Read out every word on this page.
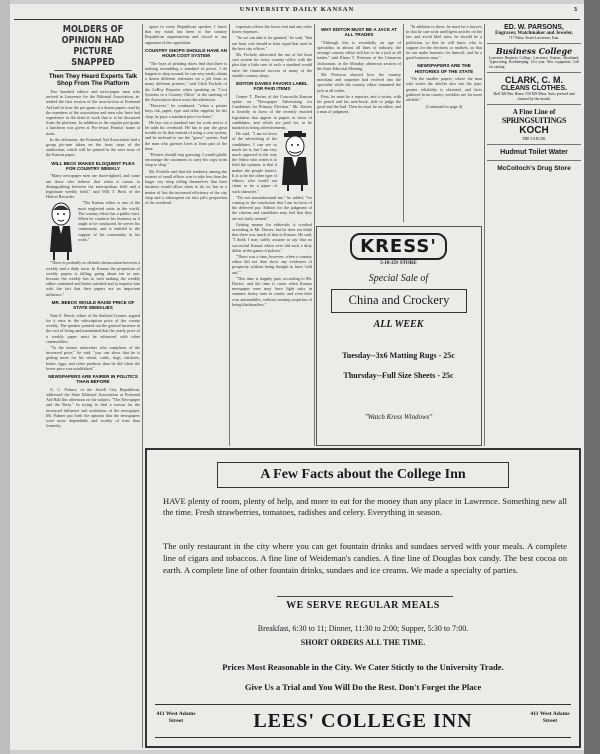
UNIVERSITY DAILY KANSAN	3
MOLDERS OF OPINION HAD PICTURE SNAPPED
Then They Heard Experts Talk Shop From The Platform

Two hundred editors and news-paper men who arrived in Lawrence for the Editorial Association, at-tended the first session of the associa-tion at Fraternal Aid hall to hear the pro-gram of a dozen papers read by the members of the association and men who have had experience in the kind of work that is to be discussed from the platform. In addition to the regular pro-gram, a luncheon was given at Pro-fessor Pontius' home at noon.

In the afternoon, the Fraternal Aid Association had a group pic-ture taken on the front steps of the auditorium, which will be printed in the next issue of the Kansas paper.

WILL BECK MAKES ELOQUENT PLEA FOR COUNTRY WEEKLY

"Many newspaper men are short-sighted, and some are those who believe that when it comes to distinguishing between the metropolitan field and a legitimate weekly field," said Will T. Beck of the Holton Recorder.

"The Kansas editor is one of the most neglected units in the world. The country editor has a public trust. When he conducts his business as it ought to be conducted, he serves his community, and is entitled to the support of his community in his work."

"There is probably no definite demarcation between a weekly and a daily town. In Kansas the proportion of weekly papers is falling, going about ten to one, because the weekly has to with making the weekly editor contented and better satisfied and to impress him with the fact that their papers are an important influence."

MR. BEECK WOULD RAISE PRICE OF STATE WEEKLIES

Nate E. Beeck, editor of the Stafford Courier, argued for a raise in the subscription price of the county weekly. The speaker pointed out the general increase in the cost of living and maintained that the yearly price of a weekly paper must be advanced with other commodities.

"To the farmer subscriber who complains of the increased price," he said, "you can show that he is getting more for his wheat, cattle, hogs, chickens, butter, eggs, and other products than he did when the lower price was established."

NEWSPAPERS ARE FAIRER IN POLITICS THAN BEFORE

G. C. Palmer, of the Jewell City Republican, addressed the State Editorial Association at Fraternal Aid Hall this afternoon on the subject, "The Newspaper and the Party." In trying to find a reason for the increased influence and usefulness of the newspaper, Mr. Palmer put forth the opinion that the newspapers were more dependable and worthy of trust than formerly.

space to every Republican speaker. I know that my mind has been to the country Republican organizations and closed to any argument of the opposition.

COUNTRY SHOPS SHOULD HAVE AN HOUR COST SYSTEM

"The boys of printing shoes find that there is nothing resembling a standard of prices. I do happen to shop around, he can very easily obtain a dozen different estimates on a job from as many different printers," said Glick Fockele of the LeRoy Reporter when speaking on "Cost Systems in a Country Office" at the meeting of the Association down town this afternoon.

"However," he continued, "when a printer buys ink, paper, type and other supplies for his shop, he pays a standard price for them."

He lays out a standard rate for work and to it he adds his overhead. He has to pay the great trouble to do that instead of using a cost system, and be inclined to use the "guess" system. And the man who guesses loses at least part of the time.

"Printers should stop guessing. I would gladly encourage the customers to carry his copy from shop to shop."

Mr. Fockele said that the tendency among the owners of small offices was to take less than the larger city shop telling themselves that their business would allow them to do so, but as a matter of fact the increased efficiency of the city shop and a subsequent cut into job's proportion of the overhead

expenses offsets the lower rent and any other lower expenses.

"So we can take it for granted," he said, "that our hour cost should at least equal that used in the best city offices."

Mr. Fockele advocated the use of the hour cost system for every country office with the plea that a little care of such a standard would raise the financial success of many of the smaller country shops.

EDITOR DAVIES FAVORS LABEL FOR PAID ITEMS

Gomer T. Davies of the Concordia Kansan spoke on "Newspaper Advertising for Candidates for Primary Election." Mr. Davies is heartily in favor of the recently enacted legislation that appear in papers in favor of candidates, and which are paid for, to be marked as being advertisements.

He said, "I am in favor of the advertising of the candidates; I can see so much for it, but I am very much opposed to the way the fellow who writes it to hold the opinion, is that it makes the people honest. It is to be the other type of editors, who would not claim to be a paper of such character."

"Do not misunderstand me," he added, "for coming to the conclusion that I am in favor of the deferred pay. Editors for the judgment of the citizens and candidates may feel that they are not fairly treated."

Getting money for editorials is crooked according to Mr. Davies, but he does not think that there was much of that in Kansas. He said, "I think I may safely assume to say that no successful Kansas editor ever did such a dirty dollar in the game of politics."

"There was a time, however, when a country editor did not dare show any evidences of prosperity without being thought to have 'sold out.'"

"This time is happily past, according to Mr. Davies, and the time is come when Kansas newspaper men may have light suits in summer, heavy ones in winter, and even their own automobiles, without creating suspicion of being blackmailers."

WHY EDITOR MUST BE A JACK AT ALL TRADES

"Although this is essentially an age of specialists in almost all lines of industry, the average country editor still has to be a jack at all trades," said Elmer T. Peterson of the Cimarron Jacksonian, at the Monday afternoon session of the State Editorial Meeting.

Mr. Peterson showed how the country merchant and carpenter had evolved into the specialist while the country editor remained the jack at all trades.

First, he must be a reporter, and a writer, with his pencil and his note-book, able to judge the good and the bad. Then he must be an editor, and a man of judgment.

"In addition to these, he must be a lawyer, in that he can write intelligent articles on the law and avoid libel suits; he should be a politician, so that he will know who to support for the elections or markets, so that he can make business for himself, and be a good business man."

NEWSPAPERS ARE THE HISTORIES OF THE STATE

"On the smaller papers, where the man who writes the articles also sets the type, greater reliability is obtained, and facts gathered from country weeklies are far more reliable."

(Continued to page 4)

ED. W. PARSONS,
Engraver, Watchmaker and Jeweler,
717 Mass. Street Lawrence, Kan.
Business College
Lawrence Business College, Lawrence, Kansas. Shorthand, Typewriting, Bookkeeping. 21st year. New equipment. Call for catalog.
CLARK, C. M.
CLEANS CLOTHES.
Bell 348 Rm, Home 150 829 Mass. Suits pressed and cleaned by the month.
A Fine Line of
SPRINGSUITINGS
KOCH
THE TAILOR.
Hudmut Toilet Water
McColloch's Drug Store
KRESS'
5-10-25¢ STORE
Special Sale of
China and Crockery
ALL WEEK
Tuesday--3x6 Matting Rugs - 25c
Thursday--Full Size Sheets - 25c
"Watch Kress Windows"
A Few Facts about the College Inn
HAVE plenty of room, plenty of help, and more to eat for the money than any place in Lawrence. Something new all the time. Fresh strawberries, tomatoes, radishes and celery. Everything in season.
The only restaurant in the city where you can get fountain drinks and sundaes served with your meals. A complete line of cigars and tobaccos. A fine line of Weideman's candies. A fine line of Douglas box candy. The best cocoa on earth. A complete line of other fountain drinks, sundaes and ice creams. We made a specialty of parties.
WE SERVE REGULAR MEALS
Breakfast, 6:30 to 11; Dinner, 11:30 to 2:00; Supper, 5:30 to 7:00.
SHORT ORDERS ALL THE TIME.
Prices Most Reasonable in the City. We Cater Stictly to the University Trade.
Give Us a Trial and You Will Do the Rest. Don't Forget the Place
411 West Adams Street	LEES' COLLEGE INN	411 West Adams Street
